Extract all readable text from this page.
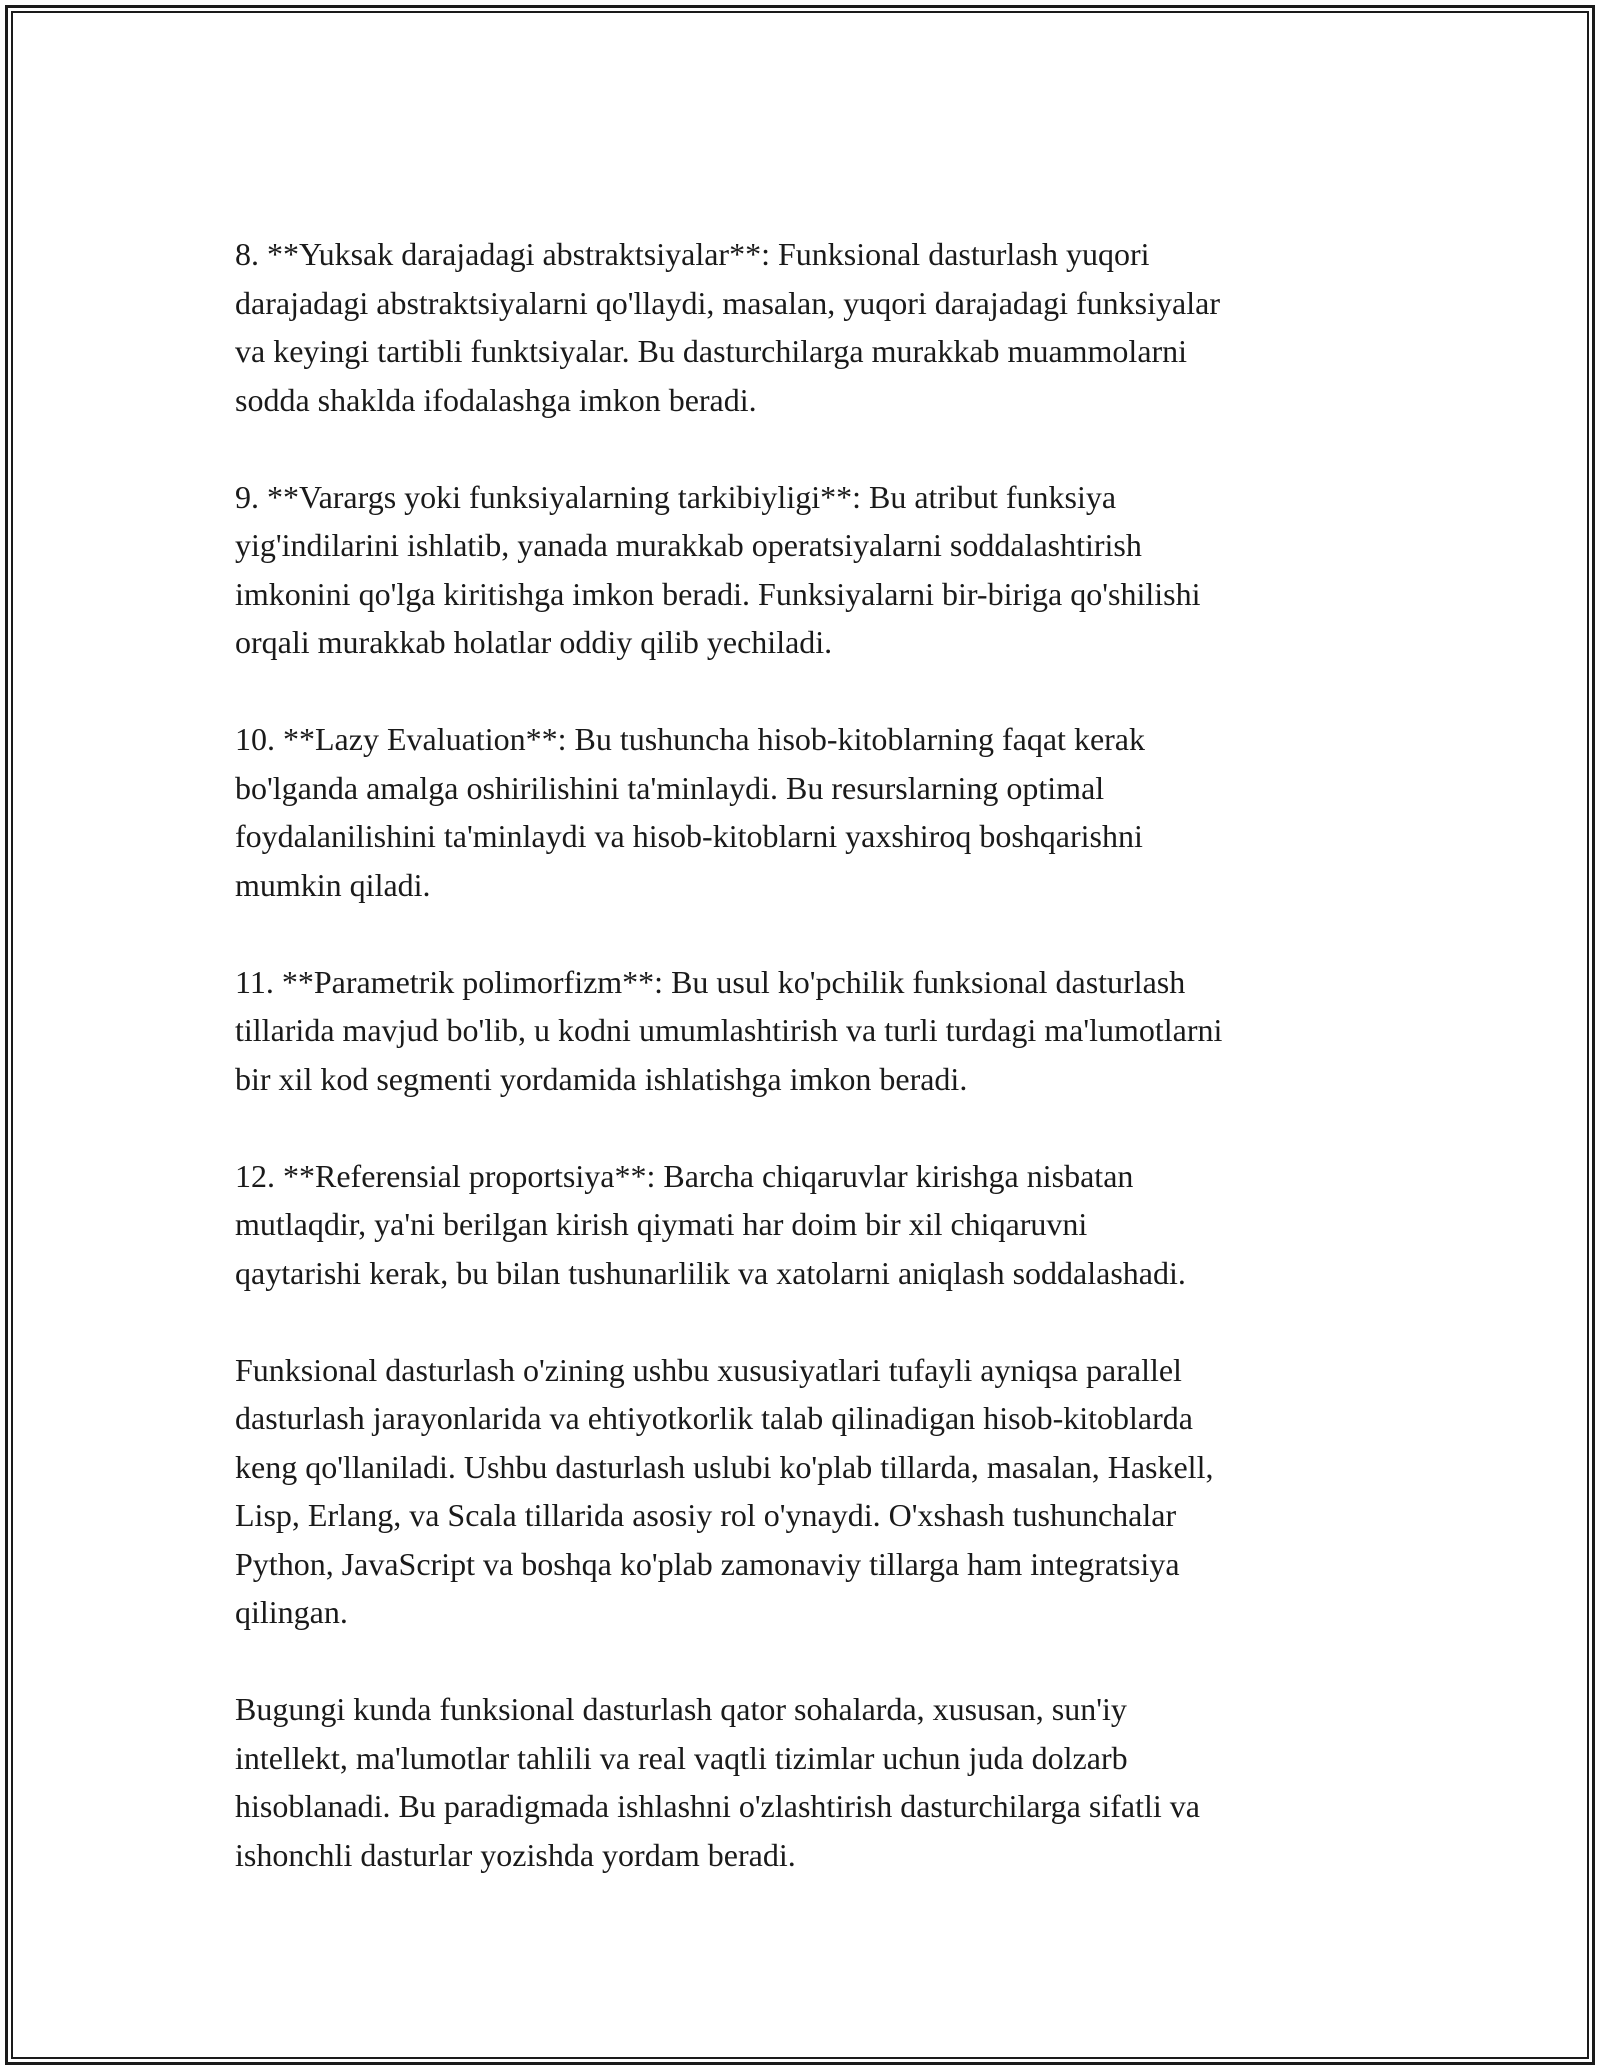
8. **Yuksak darajadagi abstraktsiyalar**: Funksional dasturlash yuqori
darajadagi abstraktsiyalarni qo'llaydi, masalan, yuqori darajadagi funksiyalar
va keyingi tartibli funktsiyalar. Bu dasturchilarga murakkab muammolarni
sodda shaklda ifodalashga imkon beradi.

9. **Varargs yoki funksiyalarning tarkibiyligi**: Bu atribut funksiya
yig'indilarini ishlatib, yanada murakkab operatsiyalarni soddalashtirish
imkonini qo'lga kiritishga imkon beradi. Funksiyalarni bir-biriga qo'shilishi
orqali murakkab holatlar oddiy qilib yechiladi.

10. **Lazy Evaluation**: Bu tushuncha hisob-kitoblarning faqat kerak
bo'lganda amalga oshirilishini ta'minlaydi. Bu resurslarning optimal
foydalanilishini ta'minlaydi va hisob-kitoblarni yaxshiroq boshqarishni
mumkin qiladi.

11. **Parametrik polimorfizm**: Bu usul ko'pchilik funksional dasturlash
tillarida mavjud bo'lib, u kodni umumlashtirish va turli turdagi ma'lumotlarni
bir xil kod segmenti yordamida ishlatishga imkon beradi.

12. **Referensial proportsiya**: Barcha chiqaruvlar kirishga nisbatan
mutlaqdir, ya'ni berilgan kirish qiymati har doim bir xil chiqaruvni
qaytarishi kerak, bu bilan tushunarlilik va xatolarni aniqlash soddalashadi.

Funksional dasturlash o'zining ushbu xususiyatlari tufayli ayniqsa parallel
dasturlash jarayonlarida va ehtiyotkorlik talab qilinadigan hisob-kitoblarda
keng qo'llaniladi. Ushbu dasturlash uslubi ko'plab tillarda, masalan, Haskell,
Lisp, Erlang, va Scala tillarida asosiy rol o'ynaydi. O'xshash tushunchalar
Python, JavaScript va boshqa ko'plab zamonaviy tillarga ham integratsiya
qilingan.

Bugungi kunda funksional dasturlash qator sohalarda, xususan, sun'iy
intellekt, ma'lumotlar tahlili va real vaqtli tizimlar uchun juda dolzarb
hisoblanadi. Bu paradigmada ishlashni o'zlashtirish dasturchilarga sifatli va
ishonchli dasturlar yozishda yordam beradi.
